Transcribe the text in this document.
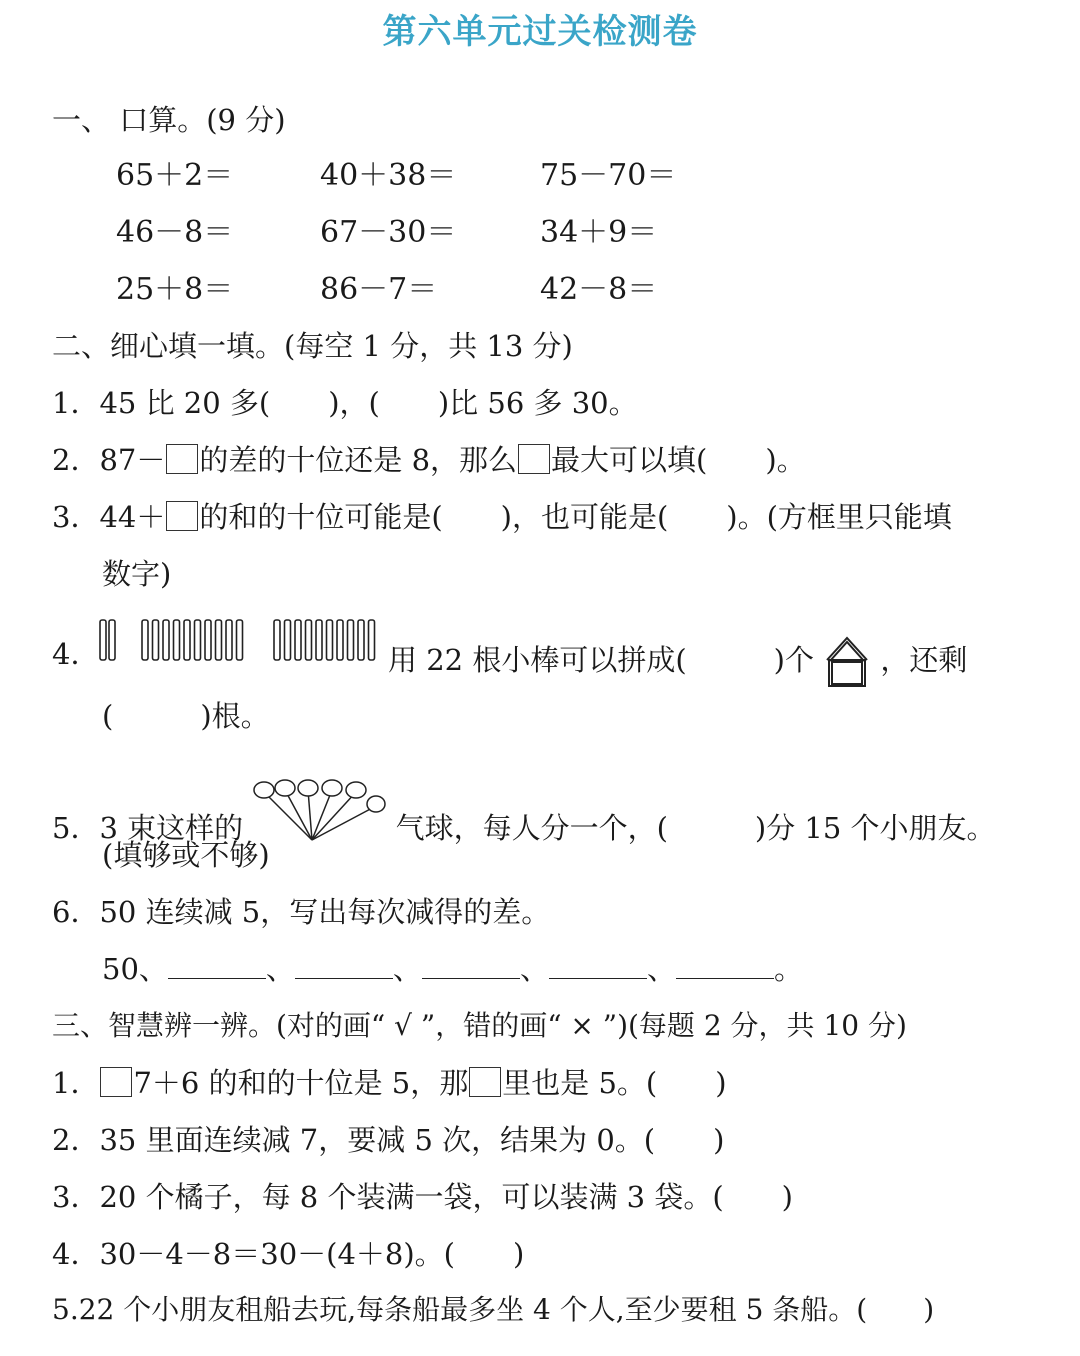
第六单元过关检测卷
一、 口算。(9 分)
65＋2＝	40＋38＝	75－70＝
46－8＝	67－30＝	34＋9＝
25＋8＝	86－7＝	42－8＝
二、细心填一填。(每空 1 分，共 13 分)
1．45 比 20 多(　　)，(　　)比 56 多 30。
2．87－ 的差的十位还是 8，那么 最大可以填(　　)。
3．44＋ 的和的十位可能是(　　)，也可能是(　　)。(方框里只能填
数字)
4．	用 22 根小棒可以拼成(　　　)个 ，还剩
(　　　)根。
5．3 束这样的	气球，每人分一个，(　　　)分 15 个小朋友。
(填够或不够)
6．50 连续减 5，写出每次减得的差。
50、	、	、	、	、	。
三、智慧辨一辨。(对的画“ √ ”，错的画“ × ”)(每题 2 分，共 10 分)
1． 7＋6 的和的十位是 5，那 里也是 5。(　　)
2．35 里面连续减 7，要减 5 次，结果为 0。(　　)
3．20 个橘子，每 8 个装满一袋，可以装满 3 袋。(　　)
4．30－4－8＝30－(4＋8)。(　　)
5.22 个小朋友租船去玩,每条船最多坐 4 个人,至少要租 5 条船。(　　)
